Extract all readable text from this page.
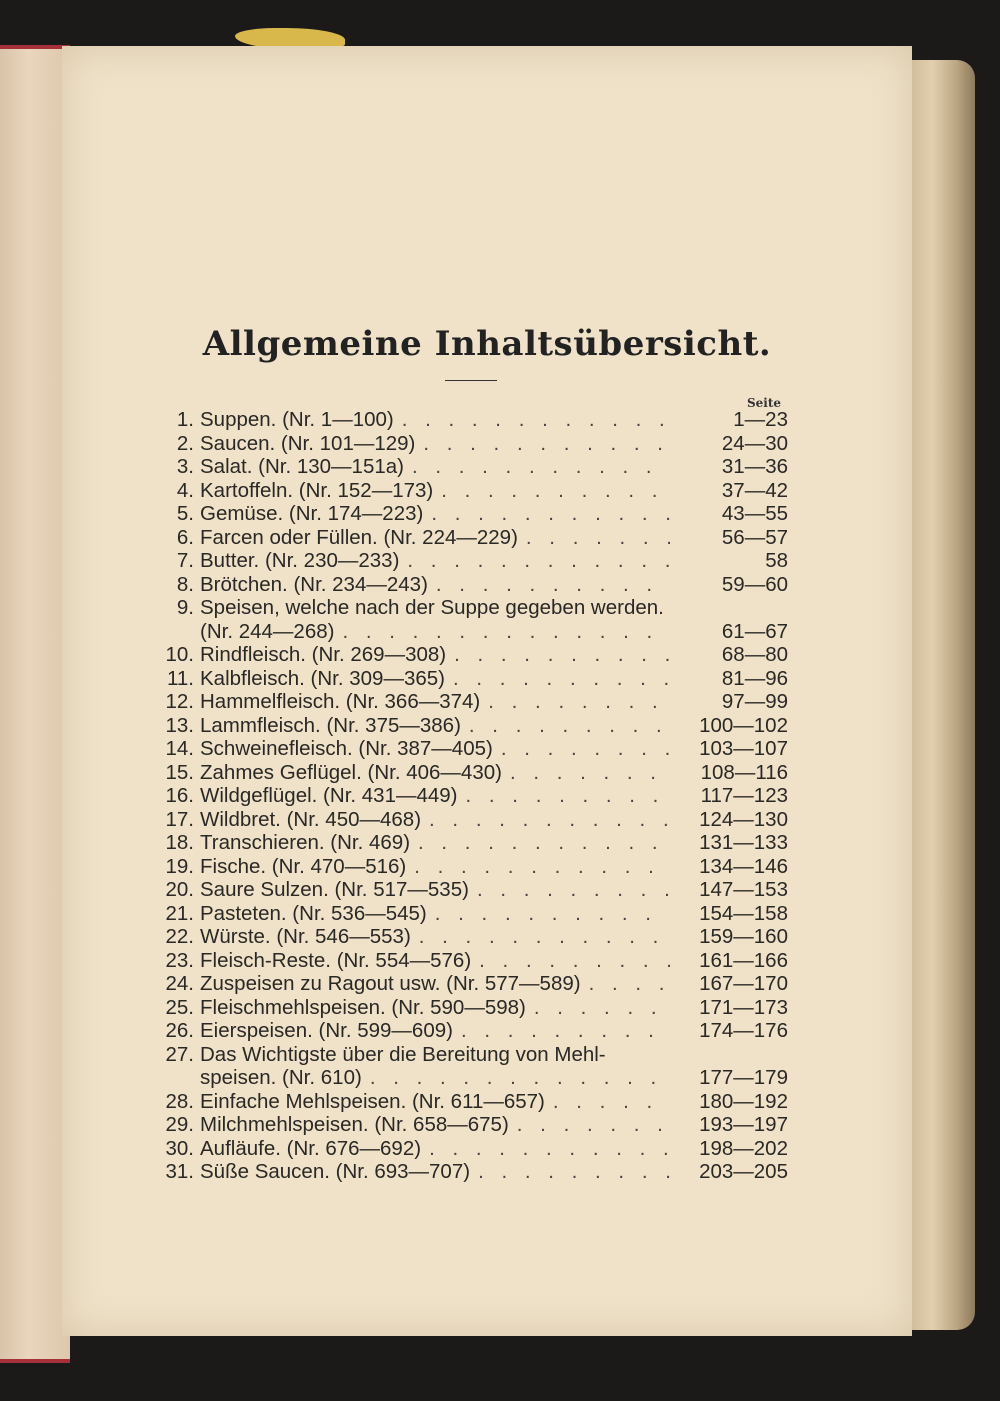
Allgemeine Inhaltsübersicht.
Seite
1. Suppen. (Nr. 1—100) . . .	1—23
2. Saucen. (Nr. 101—129) . . .	24—30
3. Salat. (Nr. 130—151a) . . .	31—36
4. Kartoffeln. (Nr. 152—173) . . .	37—42
5. Gemüse. (Nr. 174—223) . . .	43—55
6. Farcen oder Füllen. (Nr. 224—229) . . .	56—57
7. Butter. (Nr. 230—233) . . .	58
8. Brötchen. (Nr. 234—243) . . .	59—60
9. Speisen, welche nach der Suppe gegeben werden.
(Nr. 244—268) . . .	61—67
10. Rindfleisch. (Nr. 269—308) . . .	68—80
11. Kalbfleisch. (Nr. 309—365) . . .	81—96
12. Hammelfleisch. (Nr. 366—374) . . .	97—99
13. Lammfleisch. (Nr. 375—386) . . .	100—102
14. Schweinefleisch. (Nr. 387—405) . . .	103—107
15. Zahmes Geflügel. (Nr. 406—430) . . .	108—116
16. Wildgeflügel. (Nr. 431—449) . . .	117—123
17. Wildbret. (Nr. 450—468) . . .	124—130
18. Transchieren. (Nr. 469) . . .	131—133
19. Fische. (Nr. 470—516) . . .	134—146
20. Saure Sulzen. (Nr. 517—535) . . .	147—153
21. Pasteten. (Nr. 536—545) . . .	154—158
22. Würste. (Nr. 546—553) . . .	159—160
23. Fleisch-Reste. (Nr. 554—576) . . .	161—166
24. Zuspeisen zu Ragout usw. (Nr. 577—589) . . .	167—170
25. Fleischmehlspeisen. (Nr. 590—598) . . .	171—173
26. Eierspeisen. (Nr. 599—609) . . .	174—176
27. Das Wichtigste über die Bereitung von Mehl-
speisen. (Nr. 610) . . .	177—179
28. Einfache Mehlspeisen. (Nr. 611—657) . . .	180—192
29. Milchmehlspeisen. (Nr. 658—675) . . .	193—197
30. Aufläufe. (Nr. 676—692) . . .	198—202
31. Süße Saucen. (Nr. 693—707) . . .	203—205
